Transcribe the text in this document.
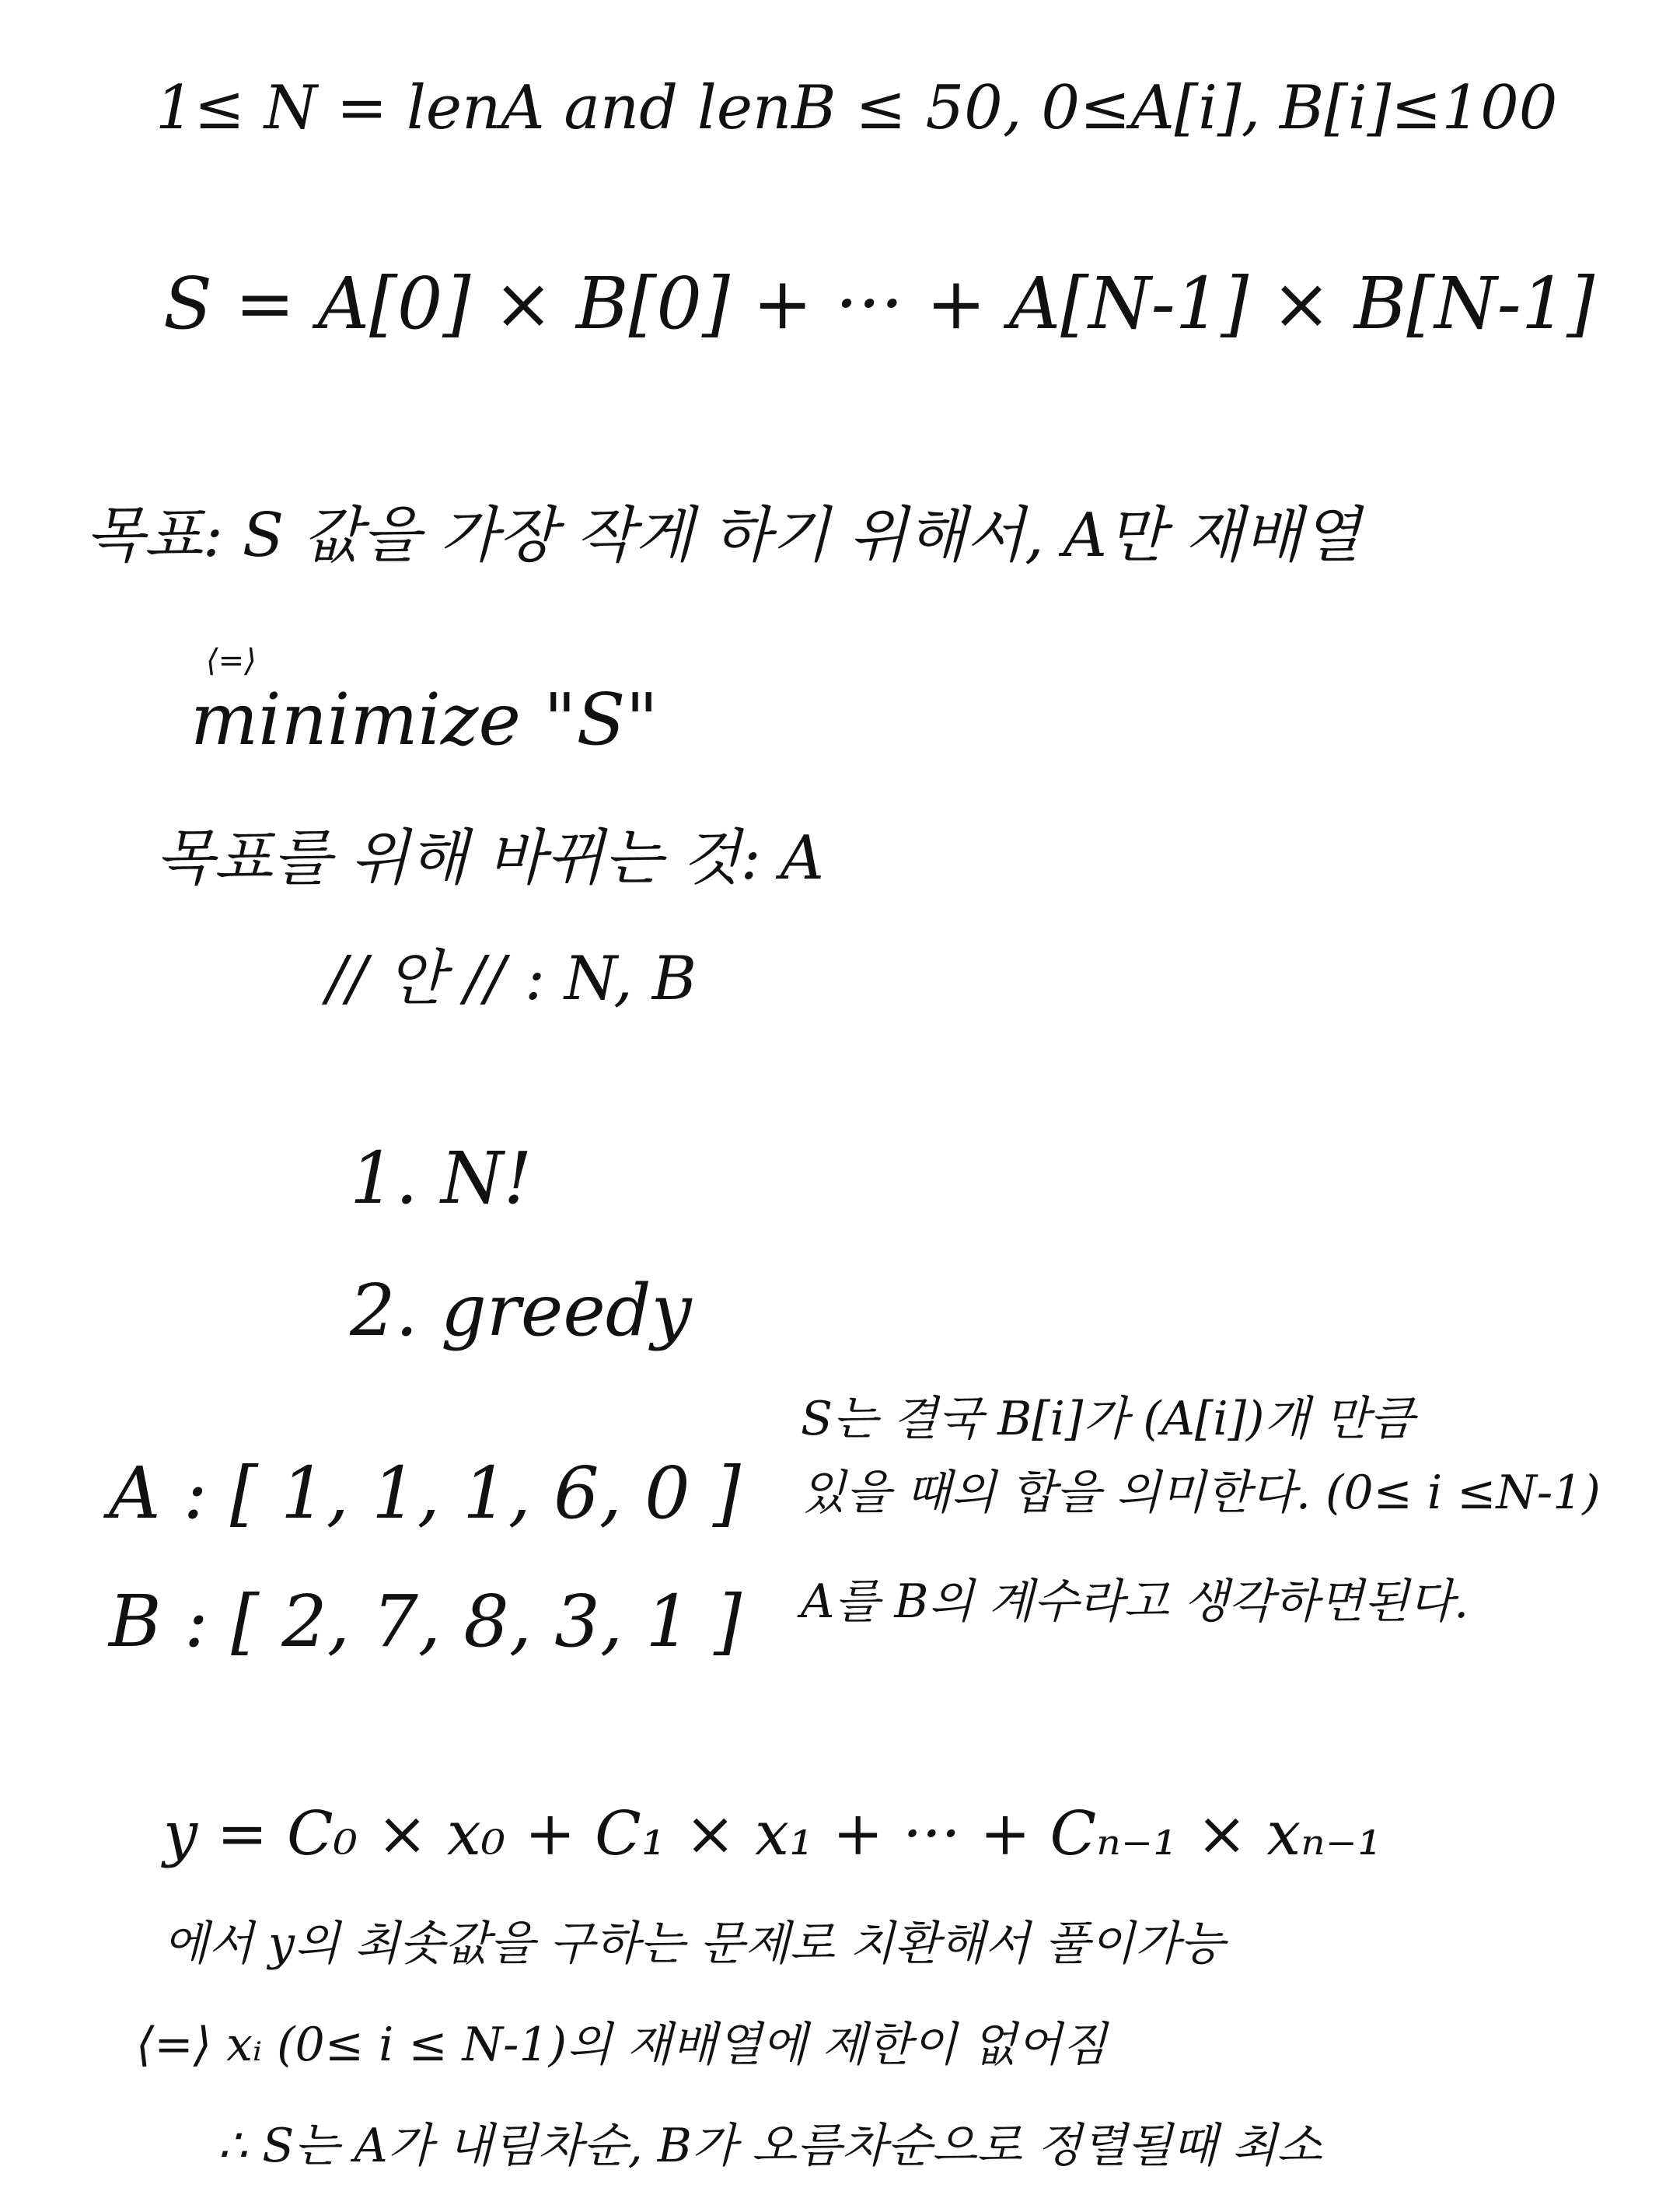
1≤ N = lenA and lenB ≤ 50, 0≤A[i], B[i]≤100
S = A[0] × B[0] + ··· + A[N-1] × B[N-1]
목표: S 값을 가장 작게 하기 위해서, A만 재배열
⟨=⟩
minimize "S"
목표를 위해 바뀌는 것: A
// 안 // : N, B
1. N!
2. greedy
A : [ 1, 1, 1, 6, 0 ]
B : [ 2, 7, 8, 3, 1 ]
S는 결국 B[i]가 (A[i])개 만큼
있을 때의 합을 의미한다. (0≤ i ≤N-1)
A를 B의 계수라고 생각하면된다.
y = C₀ × x₀ + C₁ × x₁ + ··· + Cₙ₋₁ × xₙ₋₁
에서 y의 최솟값을 구하는 문제로 치환해서 풀이가능
⟨=⟩ xᵢ (0≤ i ≤ N-1)의 재배열에 제한이 없어짐
∴ S는 A가 내림차순, B가 오름차순으로 정렬될때 최소
